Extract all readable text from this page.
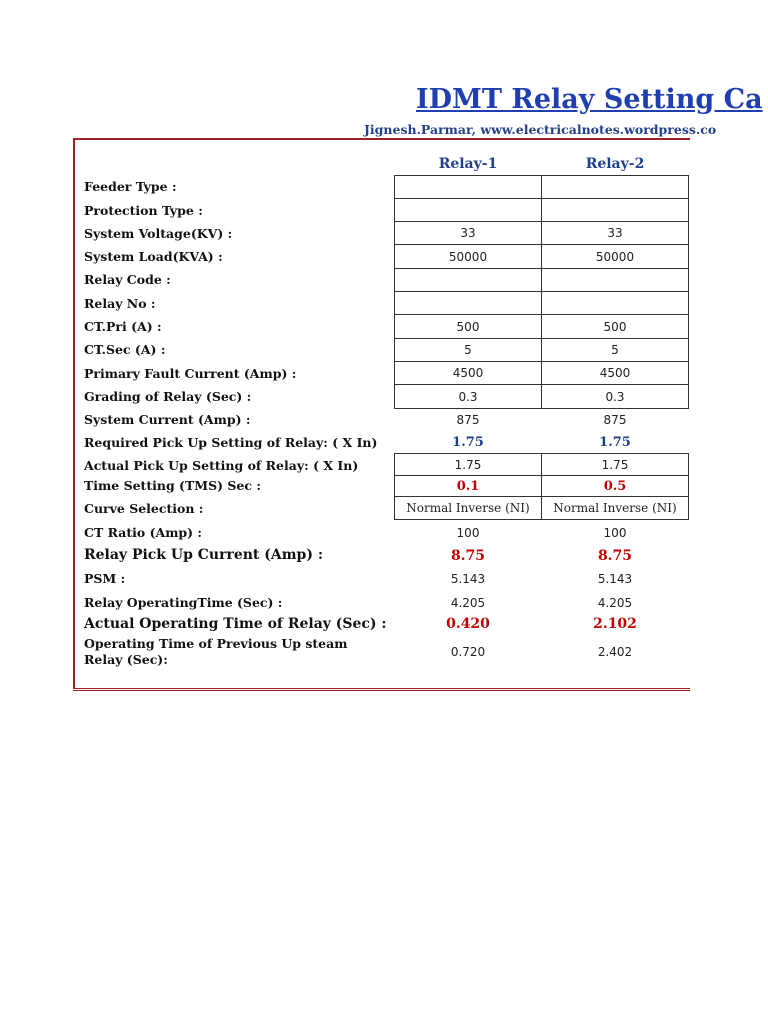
IDMT Relay Setting Ca
Jignesh.Parmar, www.electricalnotes.wordpress.co
Relay-1	Relay-2
Feeder Type :
Protection Type :
System Voltage(KV) :
System Load(KVA) :
Relay Code :
Relay No :
CT.Pri (A) :
CT.Sec (A) :
Primary Fault Current (Amp) :
Grading of Relay (Sec) :
System Current (Amp) :
Required Pick Up Setting of Relay: ( X In)
Actual Pick Up Setting of Relay: ( X In)
Time Setting (TMS) Sec :
Curve Selection :
CT Ratio (Amp) :
Relay Pick Up Current (Amp) :
PSM :
Relay OperatingTime (Sec) :
Actual Operating Time of Relay (Sec) :
Operating Time of Previous Up steam Relay (Sec):
33
50000
500
5
4500
0.3
875
1.75
1.75
0.1
Normal Inverse (NI)
100
8.75
5.143
4.205
0.420
0.720
33
50000
500
5
4500
0.3
875
1.75
1.75
0.5
Normal Inverse (NI)
100
8.75
5.143
4.205
2.102
2.402
